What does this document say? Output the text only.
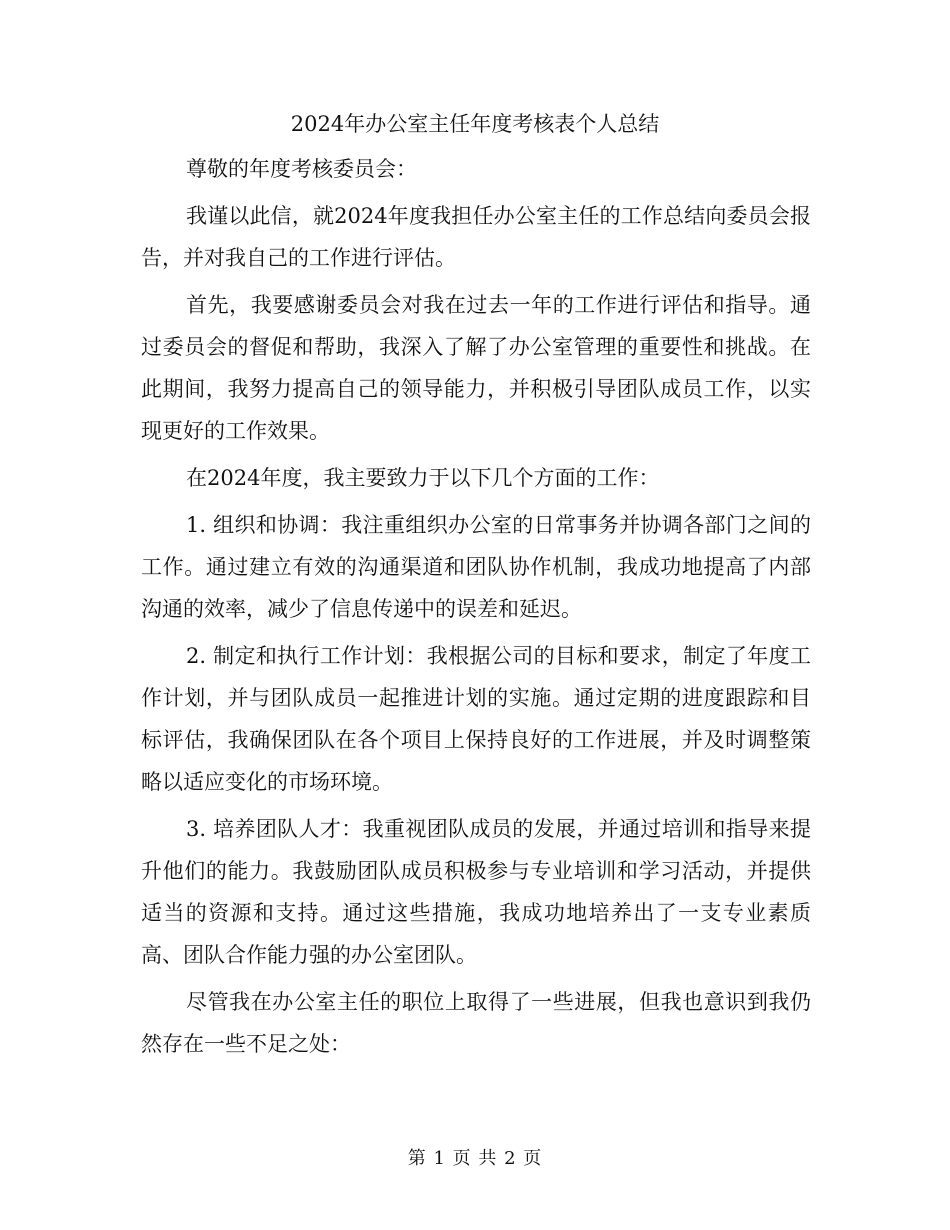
2024年办公室主任年度考核表个人总结

尊敬的年度考核委员会：

我谨以此信，就2024年度我担任办公室主任的工作总结向委员会报告，并对我自己的工作进行评估。

首先，我要感谢委员会对我在过去一年的工作进行评估和指导。通过委员会的督促和帮助，我深入了解了办公室管理的重要性和挑战。在此期间，我努力提高自己的领导能力，并积极引导团队成员工作，以实现更好的工作效果。

在2024年度，我主要致力于以下几个方面的工作：

1. 组织和协调：我注重组织办公室的日常事务并协调各部门之间的工作。通过建立有效的沟通渠道和团队协作机制，我成功地提高了内部沟通的效率，减少了信息传递中的误差和延迟。

2. 制定和执行工作计划：我根据公司的目标和要求，制定了年度工作计划，并与团队成员一起推进计划的实施。通过定期的进度跟踪和目标评估，我确保团队在各个项目上保持良好的工作进展，并及时调整策略以适应变化的市场环境。

3. 培养团队人才：我重视团队成员的发展，并通过培训和指导来提升他们的能力。我鼓励团队成员积极参与专业培训和学习活动，并提供适当的资源和支持。通过这些措施，我成功地培养出了一支专业素质高、团队合作能力强的办公室团队。

尽管我在办公室主任的职位上取得了一些进展，但我也意识到我仍然存在一些不足之处：

第 1 页 共 2 页
